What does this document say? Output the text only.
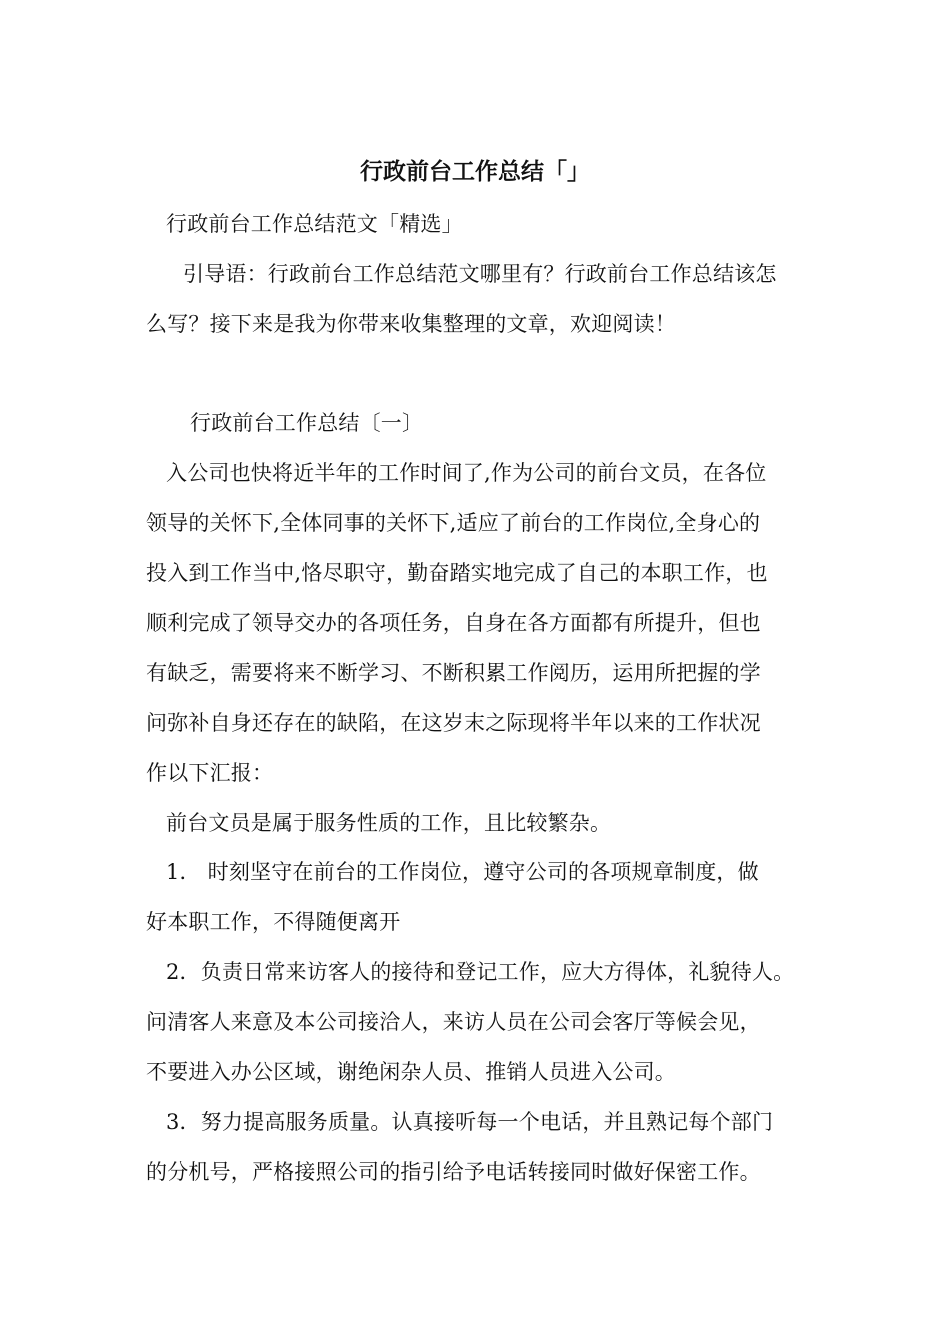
行政前台工作总结「」
行政前台工作总结范文「精选」
引导语：行政前台工作总结范文哪里有？行政前台工作总结该怎
么写？接下来是我为你带来收集整理的文章，欢迎阅读！
行政前台工作总结〔一〕
入公司也快将近半年的工作时间了,作为公司的前台文员，在各位
领导的关怀下,全体同事的关怀下,适应了前台的工作岗位,全身心的
投入到工作当中,恪尽职守，勤奋踏实地完成了自己的本职工作，也
顺利完成了领导交办的各项任务，自身在各方面都有所提升，但也
有缺乏，需要将来不断学习、不断积累工作阅历，运用所把握的学
问弥补自身还存在的缺陷，在这岁末之际现将半年以来的工作状况
作以下汇报：
前台文员是属于服务性质的工作，且比较繁杂。
1． 时刻坚守在前台的工作岗位，遵守公司的各项规章制度，做
好本职工作，不得随便离开
2．负责日常来访客人的接待和登记工作，应大方得体，礼貌待人。
问清客人来意及本公司接洽人，来访人员在公司会客厅等候会见，
不要进入办公区域，谢绝闲杂人员、推销人员进入公司。
3．努力提高服务质量。认真接听每一个电话，并且熟记每个部门
的分机号，严格接照公司的指引给予电话转接同时做好保密工作。
